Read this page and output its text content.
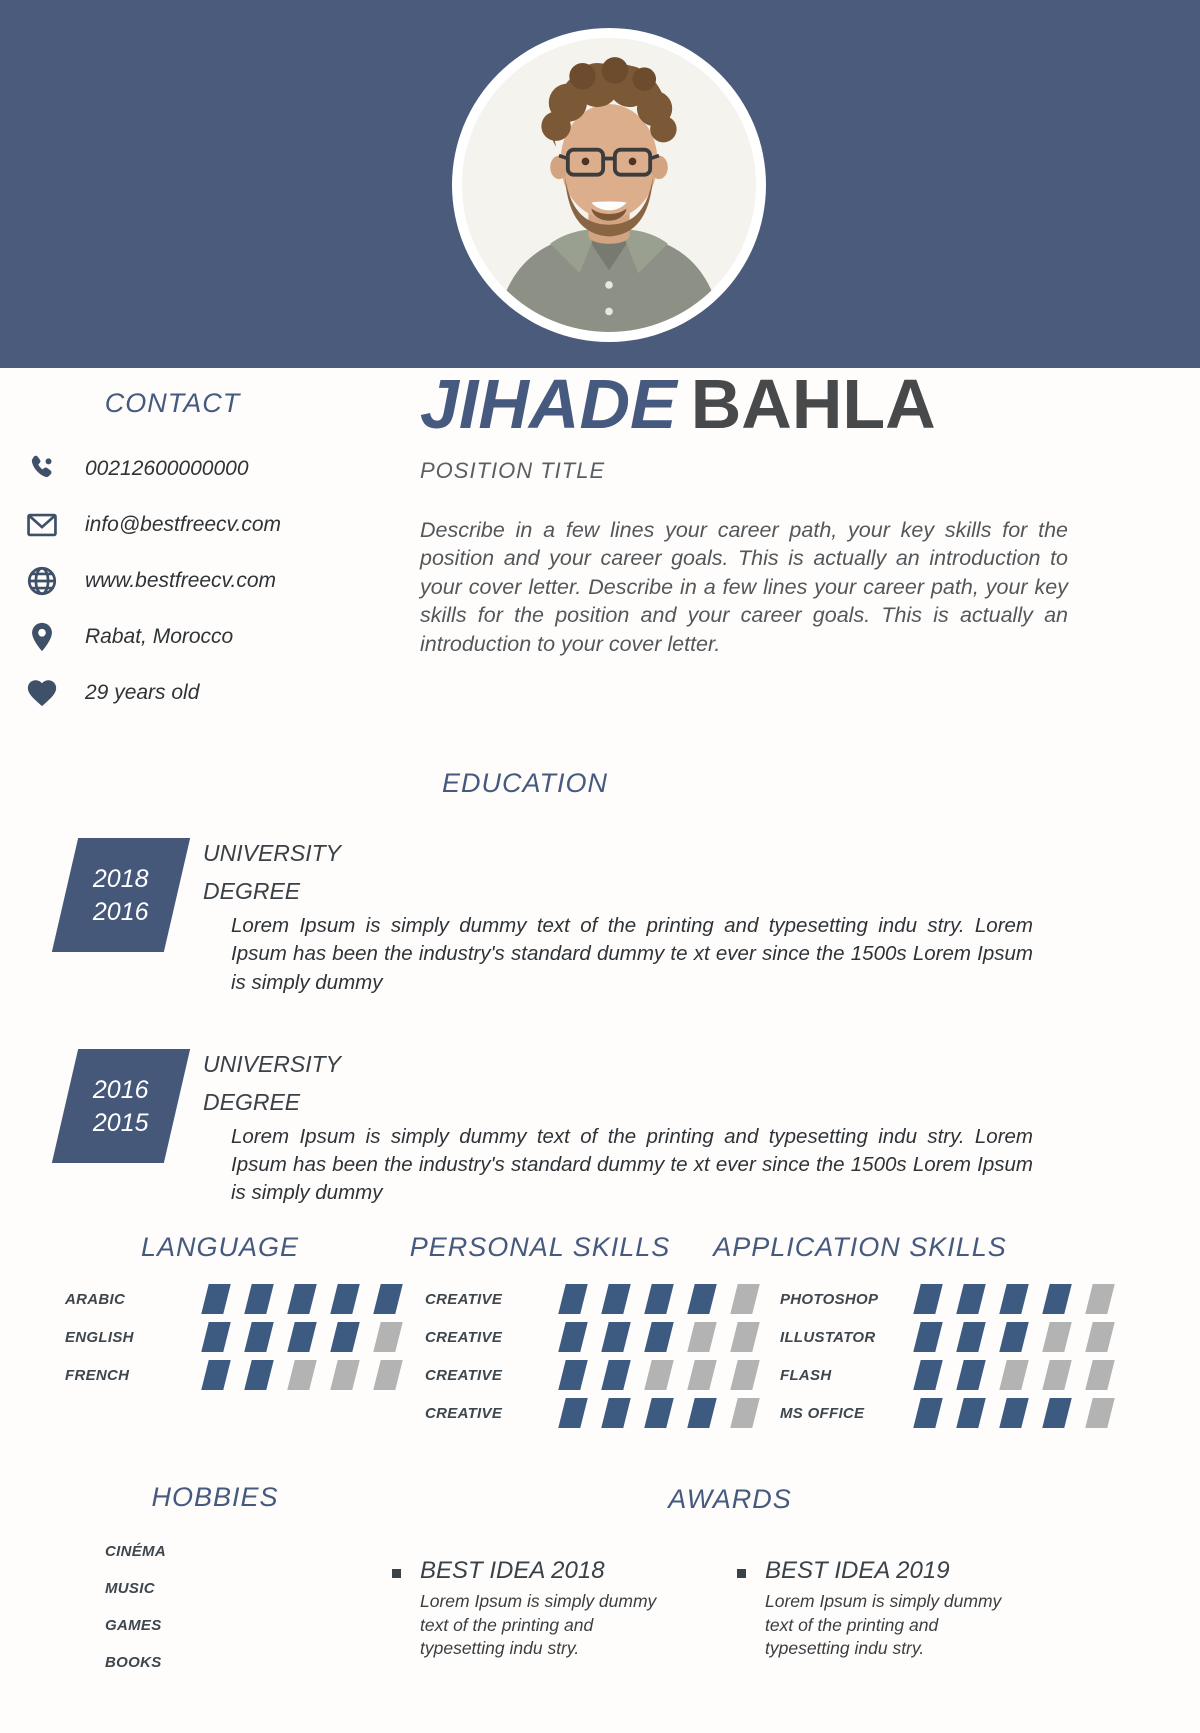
CONTACT
00212600000000
info@bestfreecv.com
www.bestfreecv.com
Rabat, Morocco
29 years old
JIHADE BAHLA
POSITION TITLE
Describe in a few lines your career path, your key skills for the position and your career goals. This is actually an introduction to your cover letter. Describe in a few lines your career path, your key skills for the position and your career goals. This is actually an introduction to your cover letter.
EDUCATION
2018
2016
UNIVERSITY
DEGREE
Lorem Ipsum is simply dummy text of the printing and typesetting indu stry. Lorem Ipsum has been the industry's standard dummy te xt ever since the 1500s Lorem Ipsum is simply dummy
2016
2015
UNIVERSITY
DEGREE
Lorem Ipsum is simply dummy text of the printing and typesetting indu stry. Lorem Ipsum has been the industry's standard dummy te xt ever since the 1500s Lorem Ipsum is simply dummy
LANGUAGE	PERSONAL SKILLS	APPLICATION SKILLS
ARABIC
ENGLISH
FRENCH
CREATIVE
CREATIVE
CREATIVE
CREATIVE
PHOTOSHOP
ILLUSTATOR
FLASH
MS OFFICE
HOBBIES
CINÉMA
MUSIC
GAMES
BOOKS
AWARDS
BEST IDEA 2018
Lorem Ipsum is simply dummy text of the printing and typesetting indu stry.
BEST IDEA 2019
Lorem Ipsum is simply dummy text of the printing and typesetting indu stry.
